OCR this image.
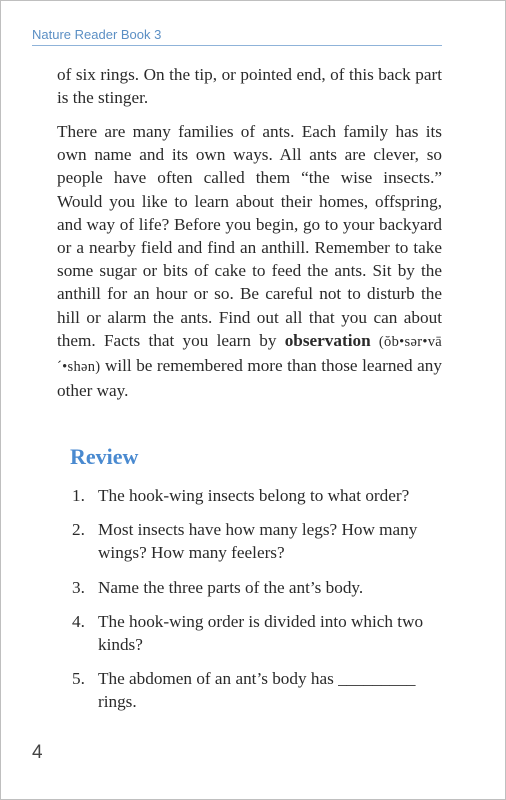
Nature Reader Book 3

of six rings. On the tip, or pointed end, of this back part is the stinger.

There are many families of ants. Each family has its own name and its own ways. All ants are clever, so people have often called them “the wise insects.” Would you like to learn about their homes, offspring, and way of life? Before you begin, go to your backyard or a nearby field and find an anthill. Remember to take some sugar or bits of cake to feed the ants. Sit by the anthill for an hour or so. Be careful not to disturb the hill or alarm the ants. Find out all that you can about them. Facts that you learn by observation (ŏb•sər•vā´•shən) will be remembered more than those learned any other way.

Review
1. The hook-wing insects belong to what order?
2. Most insects have how many legs? How many wings? How many feelers?
3. Name the three parts of the ant’s body.
4. The hook-wing order is divided into which two kinds?
5. The abdomen of an ant’s body has _________ rings.
4
